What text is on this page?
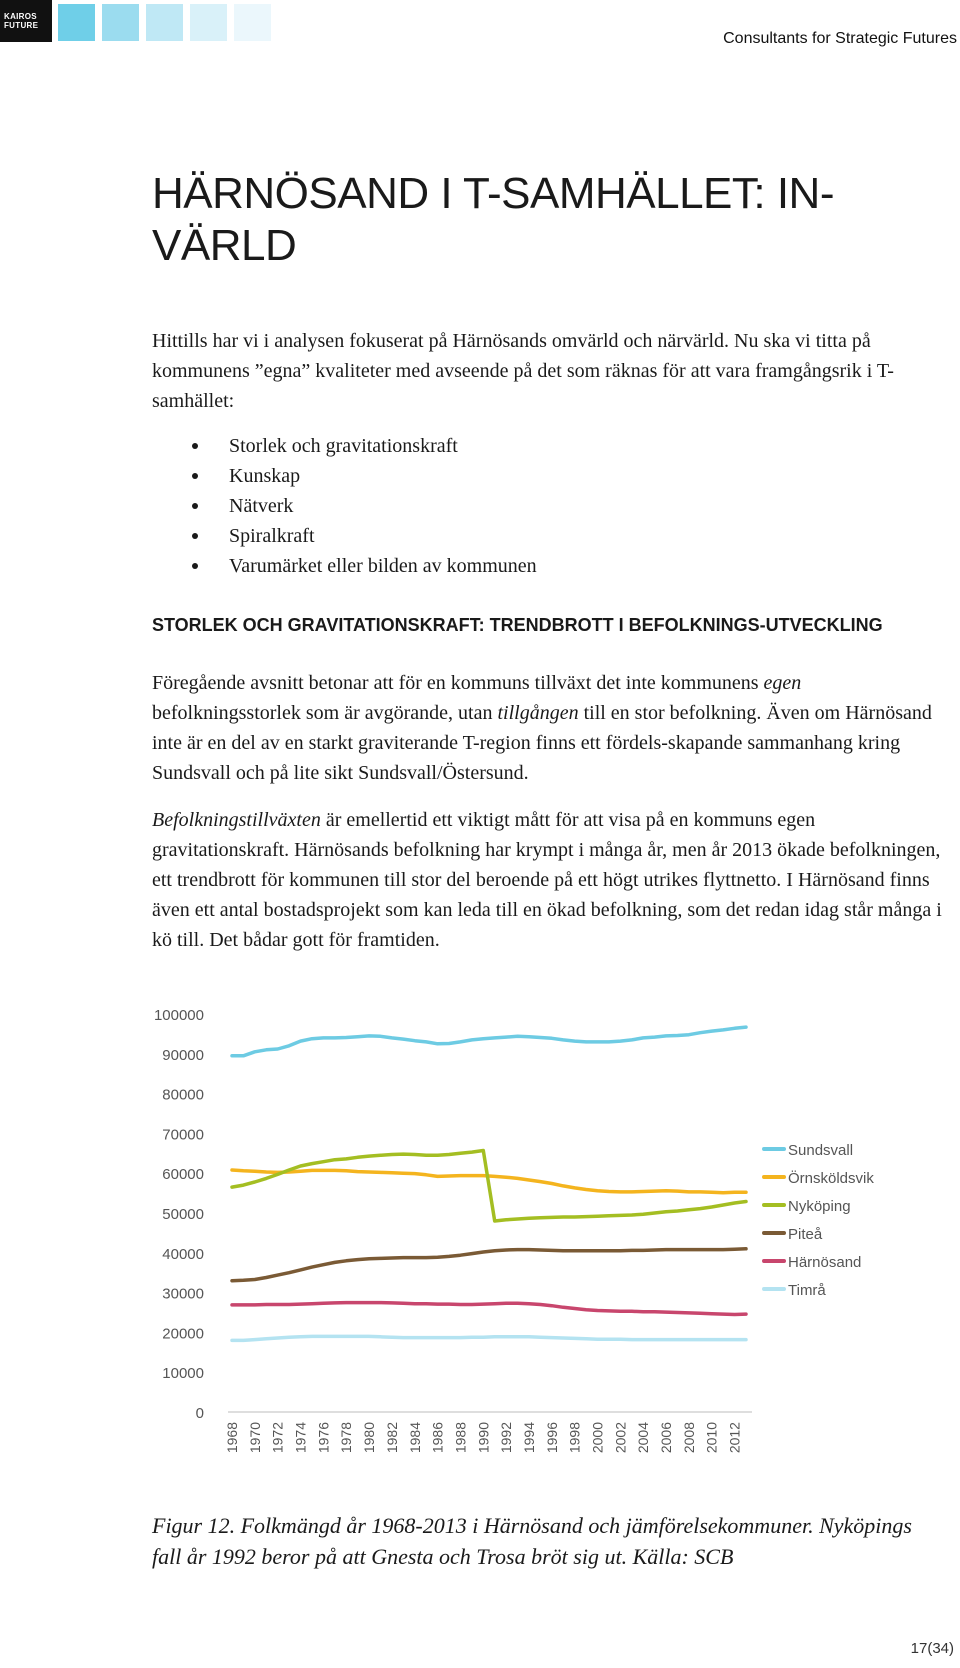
KAIROS
FUTURE
Consultants for Strategic Futures
HÄRNÖSAND I T-SAMHÄLLET: IN-
VÄRLD

Hittills har vi i analysen fokuserat på Härnösands omvärld och närvärld. Nu ska vi titta på kommunens ”egna” kvaliteter med avseende på det som räknas för att vara framgångsrik i T-samhället:

Storlek och gravitationskraft
Kunskap
Nätverk
Spiralkraft
Varumärket eller bilden av kommunen
STORLEK OCH GRAVITATIONSKRAFT: TRENDBROTT I BEFOLKNINGS-UTVECKLING

Föregående avsnitt betonar att för en kommuns tillväxt det inte kommunens egen befolkningsstorlek som är avgörande, utan tillgången till en stor befolkning. Även om Härnösand inte är en del av en starkt graviterande T-region finns ett fördels-skapande sammanhang kring Sundsvall och på lite sikt Sundsvall/Östersund.

Befolkningstillväxten är emellertid ett viktigt mått för att visa på en kommuns egen gravitationskraft. Härnösands befolkning har krympt i många år, men år 2013 ökade befolkningen, ett trendbrott för kommunen till stor del beroende på ett högt utrikes flyttnetto. I Härnösand finns även ett antal bostadsprojekt som kan leda till en ökad befolkning, som det redan idag står många i kö till. Det bådar gott för framtiden.

0
10000
20000
30000
40000
50000
60000
70000
80000
90000
100000
1968 1970 1972 1974 1976 1978 1980 1982 1984 1986 1988 1990 1992 1994 1996 1998 2000 2002 2004 2006 2008 2010 2012
Sundsvall
Örnsköldsvik
Nyköping
Piteå
Härnösand
Timrå

Figur 12. Folkmängd år 1968-2013 i Härnösand och jämförelsekommuner. Nyköpings fall år 1992 beror på att Gnesta och Trosa bröt sig ut. Källa: SCB

17(34)
